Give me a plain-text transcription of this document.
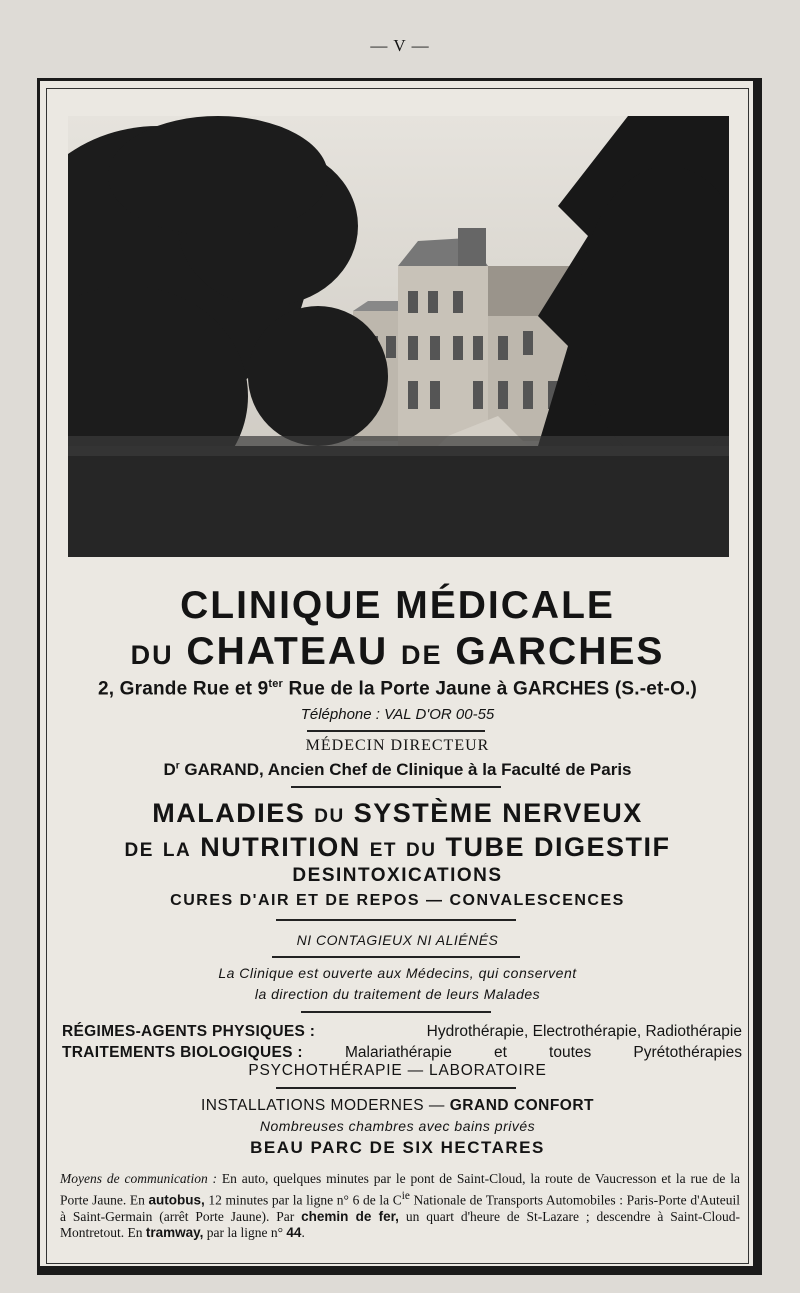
— V —
CLINIQUE MÉDICALE
DU CHATEAU DE GARCHES
2, Grande Rue et $9^{ter}$ Rue de la Porte Jaune à GARCHES (S.-et-O.)
Téléphone : VAL D'OR 00-55
MÉDECIN DIRECTEUR
$D^r$ GARAND, Ancien Chef de Clinique à la Faculté de Paris
MALADIES DU SYSTÈME NERVEUX
DE LA NUTRITION ET DU TUBE DIGESTIF
DESINTOXICATIONS
CURES D'AIR ET DE REPOS — CONVALESCENCES
NI CONTAGIEUX NI ALIÉNÉS
La Clinique est ouverte aux Médecins, qui conservent
la direction du traitement de leurs Malades
RÉGIMES-AGENTS PHYSIQUES :	Hydrothérapie, Electrothérapie, Radiothérapie
TRAITEMENTS BIOLOGIQUES :	Malariathérapie	et	toutes	Pyrétothérapies
PSYCHOTHÉRAPIE — LABORATOIRE
INSTALLATIONS MODERNES — GRAND CONFORT
Nombreuses chambres avec bains privés
BEAU PARC DE SIX HECTARES
Moyens de communication : En auto, quelques minutes par le pont de Saint-Cloud, la route de Vaucresson et la rue de la Porte Jaune. En autobus, 12 minutes par la ligne n° 6 de la $C^{ie}$ Nationale de Transports Automobiles : Paris-Porte d'Auteuil à Saint-Germain (arrêt Porte Jaune). Par chemin de fer, un quart d'heure de St-Lazare ; descendre à Saint-Cloud-Montretout. En tramway, par la ligne n° 44.
